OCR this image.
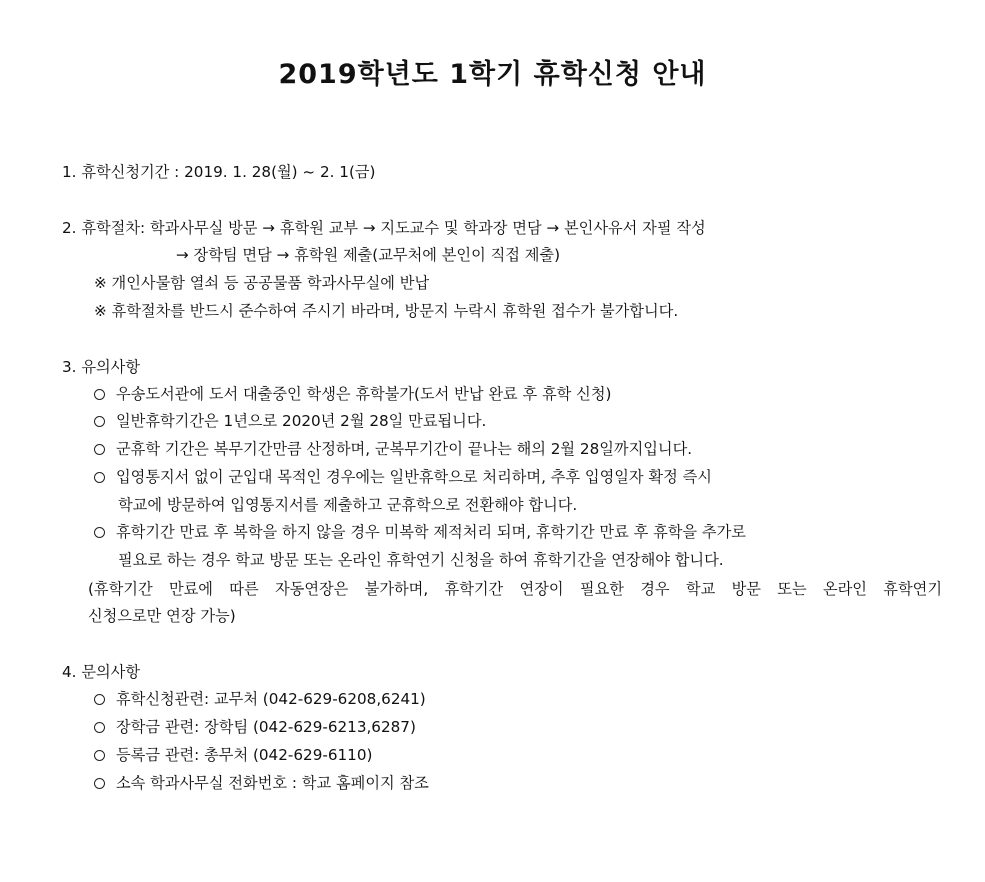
2019학년도 1학기 휴학신청 안내
1. 휴학신청기간 : 2019. 1. 28(월) ~ 2. 1(금)
2. 휴학절차: 학과사무실 방문 → 휴학원 교부 → 지도교수 및 학과장 면담 → 본인사유서 자필 작성
→ 장학팀 면담 → 휴학원 제출(교무처에 본인이 직접 제출)
※ 개인사물함 열쇠 등 공공물품 학과사무실에 반납
※ 휴학절차를 반드시 준수하여 주시기 바라며, 방문지 누락시 휴학원 접수가 불가합니다.
3. 유의사항
우송도서관에 도서 대출중인 학생은 휴학불가(도서 반납 완료 후 휴학 신청)
일반휴학기간은 1년으로 2020년 2월 28일 만료됩니다.
군휴학 기간은 복무기간만큼 산정하며, 군복무기간이 끝나는 해의 2월 28일까지입니다.
입영통지서 없이 군입대 목적인 경우에는 일반휴학으로 처리하며, 추후 입영일자 확정 즉시
학교에 방문하여 입영통지서를 제출하고 군휴학으로 전환해야 합니다.
휴학기간 만료 후 복학을 하지 않을 경우 미복학 제적처리 되며, 휴학기간 만료 후 휴학을 추가로
필요로 하는 경우 학교 방문 또는 온라인 휴학연기 신청을 하여 휴학기간을 연장해야 합니다.
(휴학기간 만료에 따른 자동연장은 불가하며, 휴학기간 연장이 필요한 경우 학교 방문 또는 온라인 휴학연기
신청으로만 연장 가능)
4. 문의사항
휴학신청관련: 교무처 (042-629-6208,6241)
장학금 관련: 장학팀 (042-629-6213,6287)
등록금 관련: 총무처 (042-629-6110)
소속 학과사무실 전화번호 : 학교 홈페이지 참조
